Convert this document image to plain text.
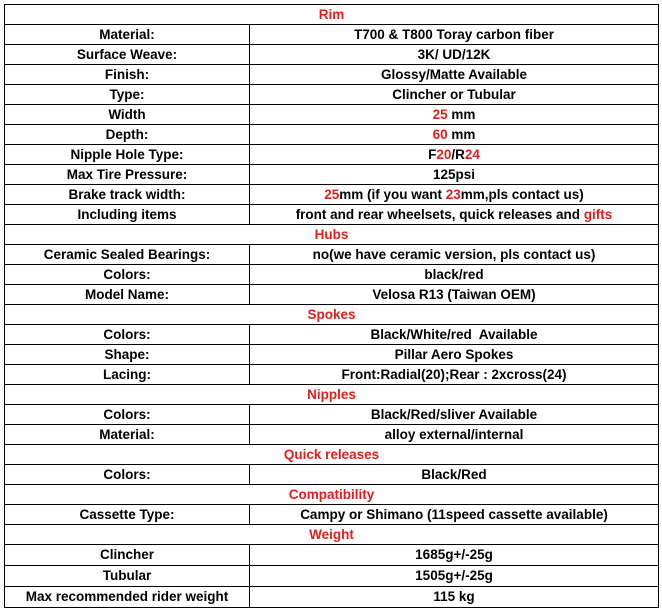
Rim	
Material:	T700 & T800 Toray carbon fiber
Surface Weave:	3K/ UD/12K
Finish:	Glossy/Matte Available
Type:	Clincher or Tubular
Width	25 mm
Depth:	60 mm
Nipple Hole Type:	F20/R24
Max Tire Pressure:	125psi
Brake track width:	25mm (if you want 23mm,pls contact us)
Including items	front and rear wheelsets, quick releases and gifts
Hubs	
Ceramic Sealed Bearings:	no(we have ceramic version, pls contact us)
Colors:	black/red
Model Name:	Velosa R13 (Taiwan OEM)
Spokes	
Colors:	Black/White/red  Available
Shape:	Pillar Aero Spokes
Lacing:	Front:Radial(20);Rear : 2xcross(24)
Nipples	
Colors:	Black/Red/sliver Available
Material:	alloy external/internal
Quick releases	
Colors:	Black/Red
Compatibility	
Cassette Type:	Campy or Shimano (11speed cassette available)
Weight	
Clincher	1685g+/-25g
Tubular	1505g+/-25g
Max recommended rider weight	115 kg
